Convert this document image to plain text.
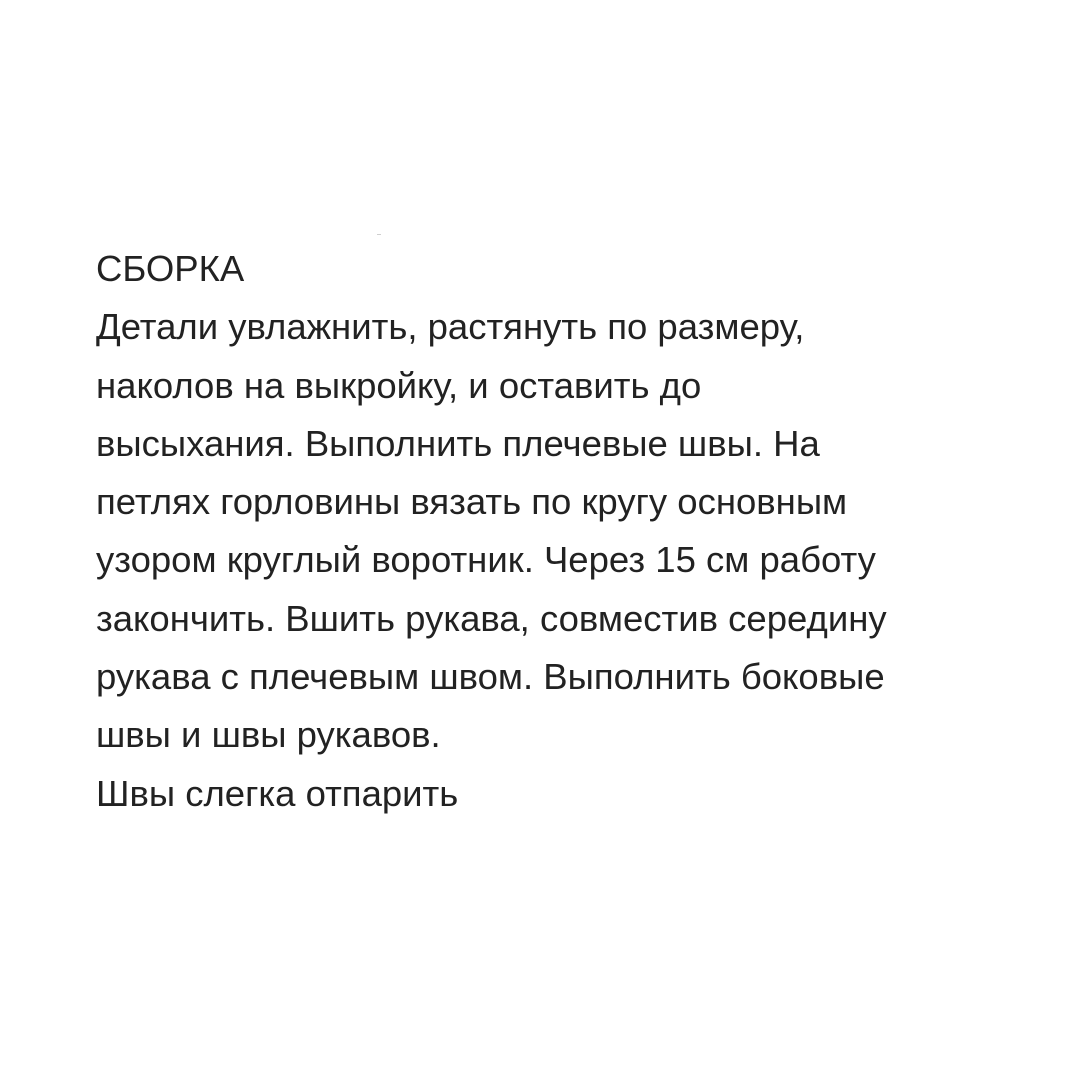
СБОРКА
Детали увлажнить, растянуть по размеру,
наколов на выкройку, и оставить до
высыхания. Выполнить плечевые швы. На
петлях горловины вязать по кругу основным
узором круглый воротник. Через 15 см работу
закончить. Вшить рукава, совместив середину
рукава с плечевым швом. Выполнить боковые
швы и швы рукавов.
Швы слегка отпарить
